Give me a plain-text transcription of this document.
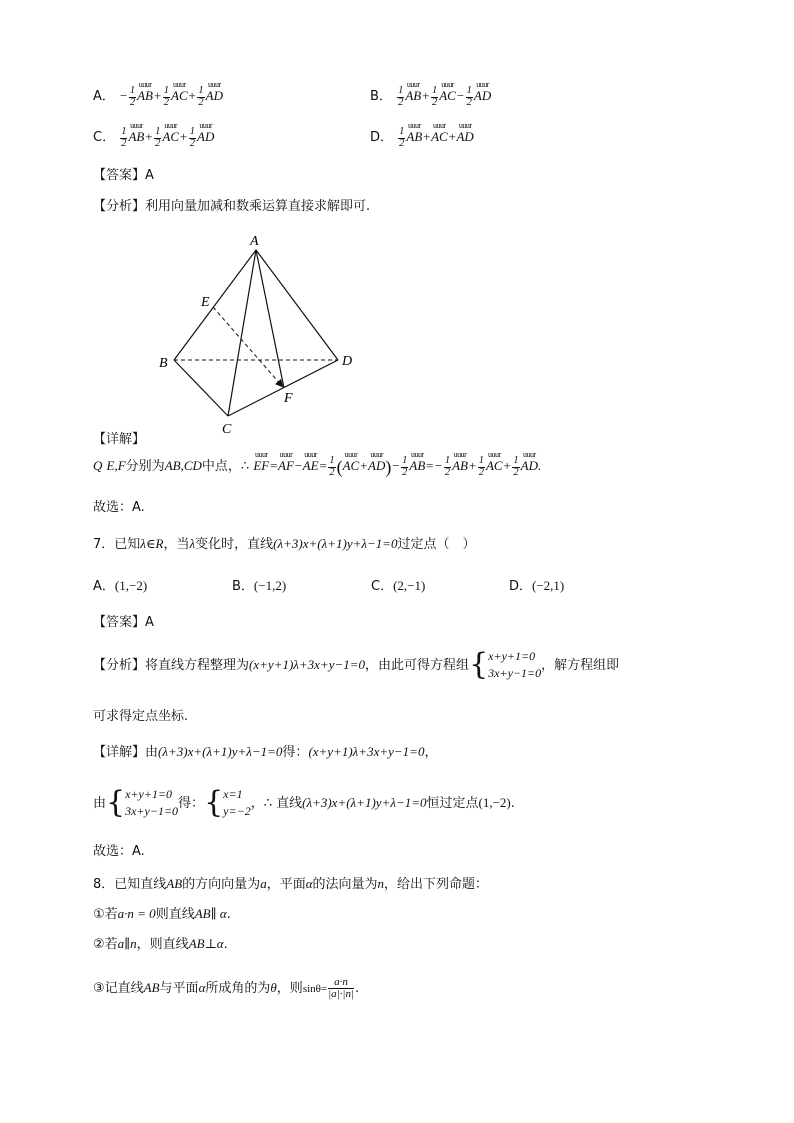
A． − $\frac{1}{2}$ uuur $AB+ \frac{1}{2}$ uuur $AC+ \frac{1}{2}$ uuur AD	B． $\frac{1}{2}$ uuur $AB+ \frac{1}{2}$ uuur $AC- \frac{1}{2}$ uuur AD
C． $\frac{1}{2}$ uuur $AB+ \frac{1}{2}$ uuur $AC+ \frac{1}{2}$ uuur AD	D． $\frac{1}{2}$ uuur AB+uuur AC+uuur AD
【答案】A
【分析】利用向量加减和数乘运算直接求解即可.
A
B
C
D
E
F
【详解】
Q E,F分别为AB,CD中点，∴ uuur EF=uuur AF−uuur $AE= \frac{1}{2}$ (uuur AC+uuur $AD)- \frac{1}{2}$ uuur $AB=- \frac{1}{2}$ uuur $AB+ \frac{1}{2}$ uuur $AC+ \frac{1}{2}$ uuur AD.
故选：A.
7．已知λ∈R，当λ变化时，直线(λ+3)x+(λ+1)y+λ−1=0过定点（　）
A．(1,−2)	B．(−1,2)	C．(2,−1)	D．(−2,1)
【答案】A
【分析】将直线方程整理为(x+y+1)λ+3x+y−1=0，由此可得方程组{ x+y+1=0
3x+y−1=0
，解方程组即
可求得定点坐标.
【详解】由(λ+3)x+(λ+1)y+λ−1=0得：(x+y+1)λ+3x+y−1=0，
由{ x+y+1=0
3x+y−1=0
得：{ x=1
y=−2
，∴ 直线(λ+3)x+(λ+1)y+λ−1=0恒过定点(1,−2).
故选：A.
8．已知直线AB的方向向量为a，平面α的法向量为n，给出下列命题：
①若a·n = 0则直线AB∥ α.
②若a∥n，则直线AB⊥α.
③记直线AB与平面α所成角的为θ，则$\sin\theta= \frac{a\cdot n}{|a|\cdot|n|}$ .
